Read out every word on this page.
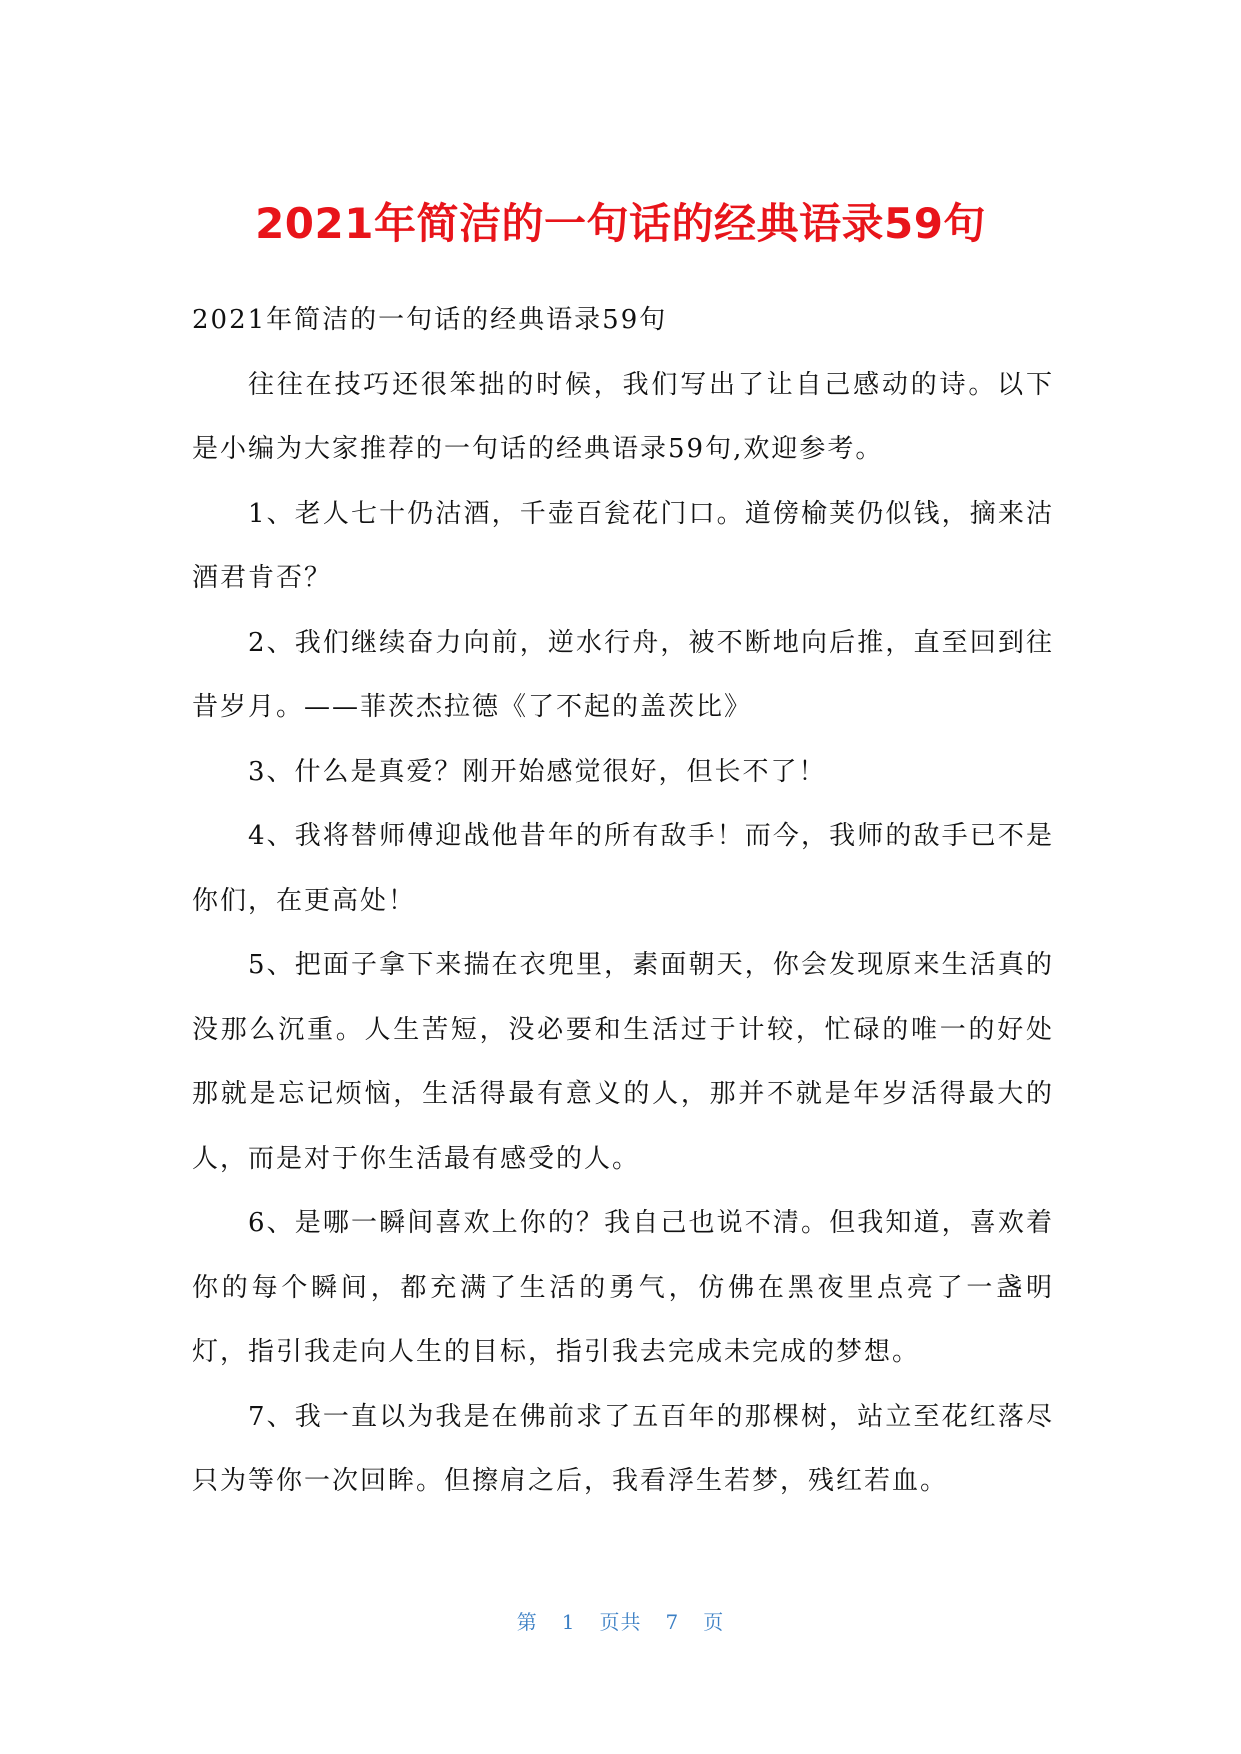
2021年简洁的一句话的经典语录59句

2021年简洁的一句话的经典语录59句

往往在技巧还很笨拙的时候，我们写出了让自己感动的诗。以下是小编为大家推荐的一句话的经典语录59句,欢迎参考。

1、老人七十仍沽酒，千壶百瓮花门口。道傍榆荚仍似钱，摘来沽酒君肯否？

2、我们继续奋力向前，逆水行舟，被不断地向后推，直至回到往昔岁月。——菲茨杰拉德《了不起的盖茨比》

3、什么是真爱？刚开始感觉很好，但长不了！

4、我将替师傅迎战他昔年的所有敌手！而今，我师的敌手已不是你们，在更高处！

5、把面子拿下来揣在衣兜里，素面朝天，你会发现原来生活真的没那么沉重。人生苦短，没必要和生活过于计较，忙碌的唯一的好处那就是忘记烦恼，生活得最有意义的人，那并不就是年岁活得最大的人，而是对于你生活最有感受的人。

6、是哪一瞬间喜欢上你的？我自己也说不清。但我知道，喜欢着你的每个瞬间，都充满了生活的勇气，仿佛在黑夜里点亮了一盏明灯，指引我走向人生的目标，指引我去完成未完成的梦想。

7、我一直以为我是在佛前求了五百年的那棵树，站立至花红落尽只为等你一次回眸。但擦肩之后，我看浮生若梦，残红若血。

第 1 页共 7 页
